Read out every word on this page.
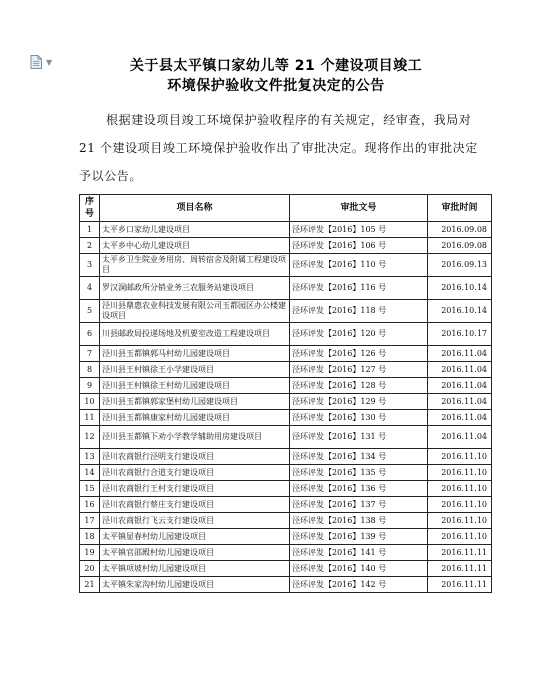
▼	关于县太平镇口家幼儿等 21 个建设项目竣工
环境保护验收文件批复决定的公告
根据建设项目竣工环境保护验收程序的有关规定，经审查，我局对 21 个建设项目竣工环境保护验收作出了审批决定。现将作出的审批决定予以公告。
序号	项目名称	审批文号	审批时间
1	太平乡口家幼儿建设项目	泾环评发【2016】105 号	2016.09.08
2	太平乡中心幼儿建设项目	泾环评发【2016】106 号	2016.09.08
3	太平乡卫生院业务用房、周转宿舍及附属工程建设项目	泾环评发【2016】110 号	2016.09.13
4	罗汉洞邮政所分销业务三农服务站建设项目	泾环评发【2016】116 号	2016.10.14
5	泾川县鼎惠农业科技发展有限公司玉都园区办公楼建设项目	泾环评发【2016】118 号	2016.10.14
6	川县邮政局投递场地及机要室改造工程建设项目	泾环评发【2016】120 号	2016.10.17
7	泾川县玉都镇郭马村幼儿园建设项目	泾环评发【2016】126 号	2016.11.04
8	泾川县王村镇徐王小学建设项目	泾环评发【2016】127 号	2016.11.04
9	泾川县王村镇徐王村幼儿园建设项目	泾环评发【2016】128 号	2016.11.04
10	泾川县玉都镇郭家堡村幼儿园建设项目	泾环评发【2016】129 号	2016.11.04
11	泾川县玉都镇康家村幼儿园建设项目	泾环评发【2016】130 号	2016.11.04
12	泾川县玉都镇下劝小学教学辅助用房建设项目	泾环评发【2016】131 号	2016.11.04
13	泾川农商银行泾明支行建设项目	泾环评发【2016】134 号	2016.11.10
14	泾川农商银行合道支行建设项目	泾环评发【2016】135 号	2016.11.10
15	泾川农商银行王村支行建设项目	泾环评发【2016】136 号	2016.11.10
16	泾川农商银行蔡庄支行建设项目	泾环评发【2016】137 号	2016.11.10
17	泾川农商银行飞云支行建设项目	泾环评发【2016】138 号	2016.11.10
18	太平镇显春村幼儿园建设项目	泾环评发【2016】139 号	2016.11.10
19	太平镇官邵殿村幼儿园建设项目	泾环评发【2016】141 号	2016.11.11
20	太平镇项坡村幼儿园建设项目	泾环评发【2016】140 号	2016.11.11
21	太平镇朱家沟村幼儿园建设项目	泾环评发【2016】142 号	2016.11.11
